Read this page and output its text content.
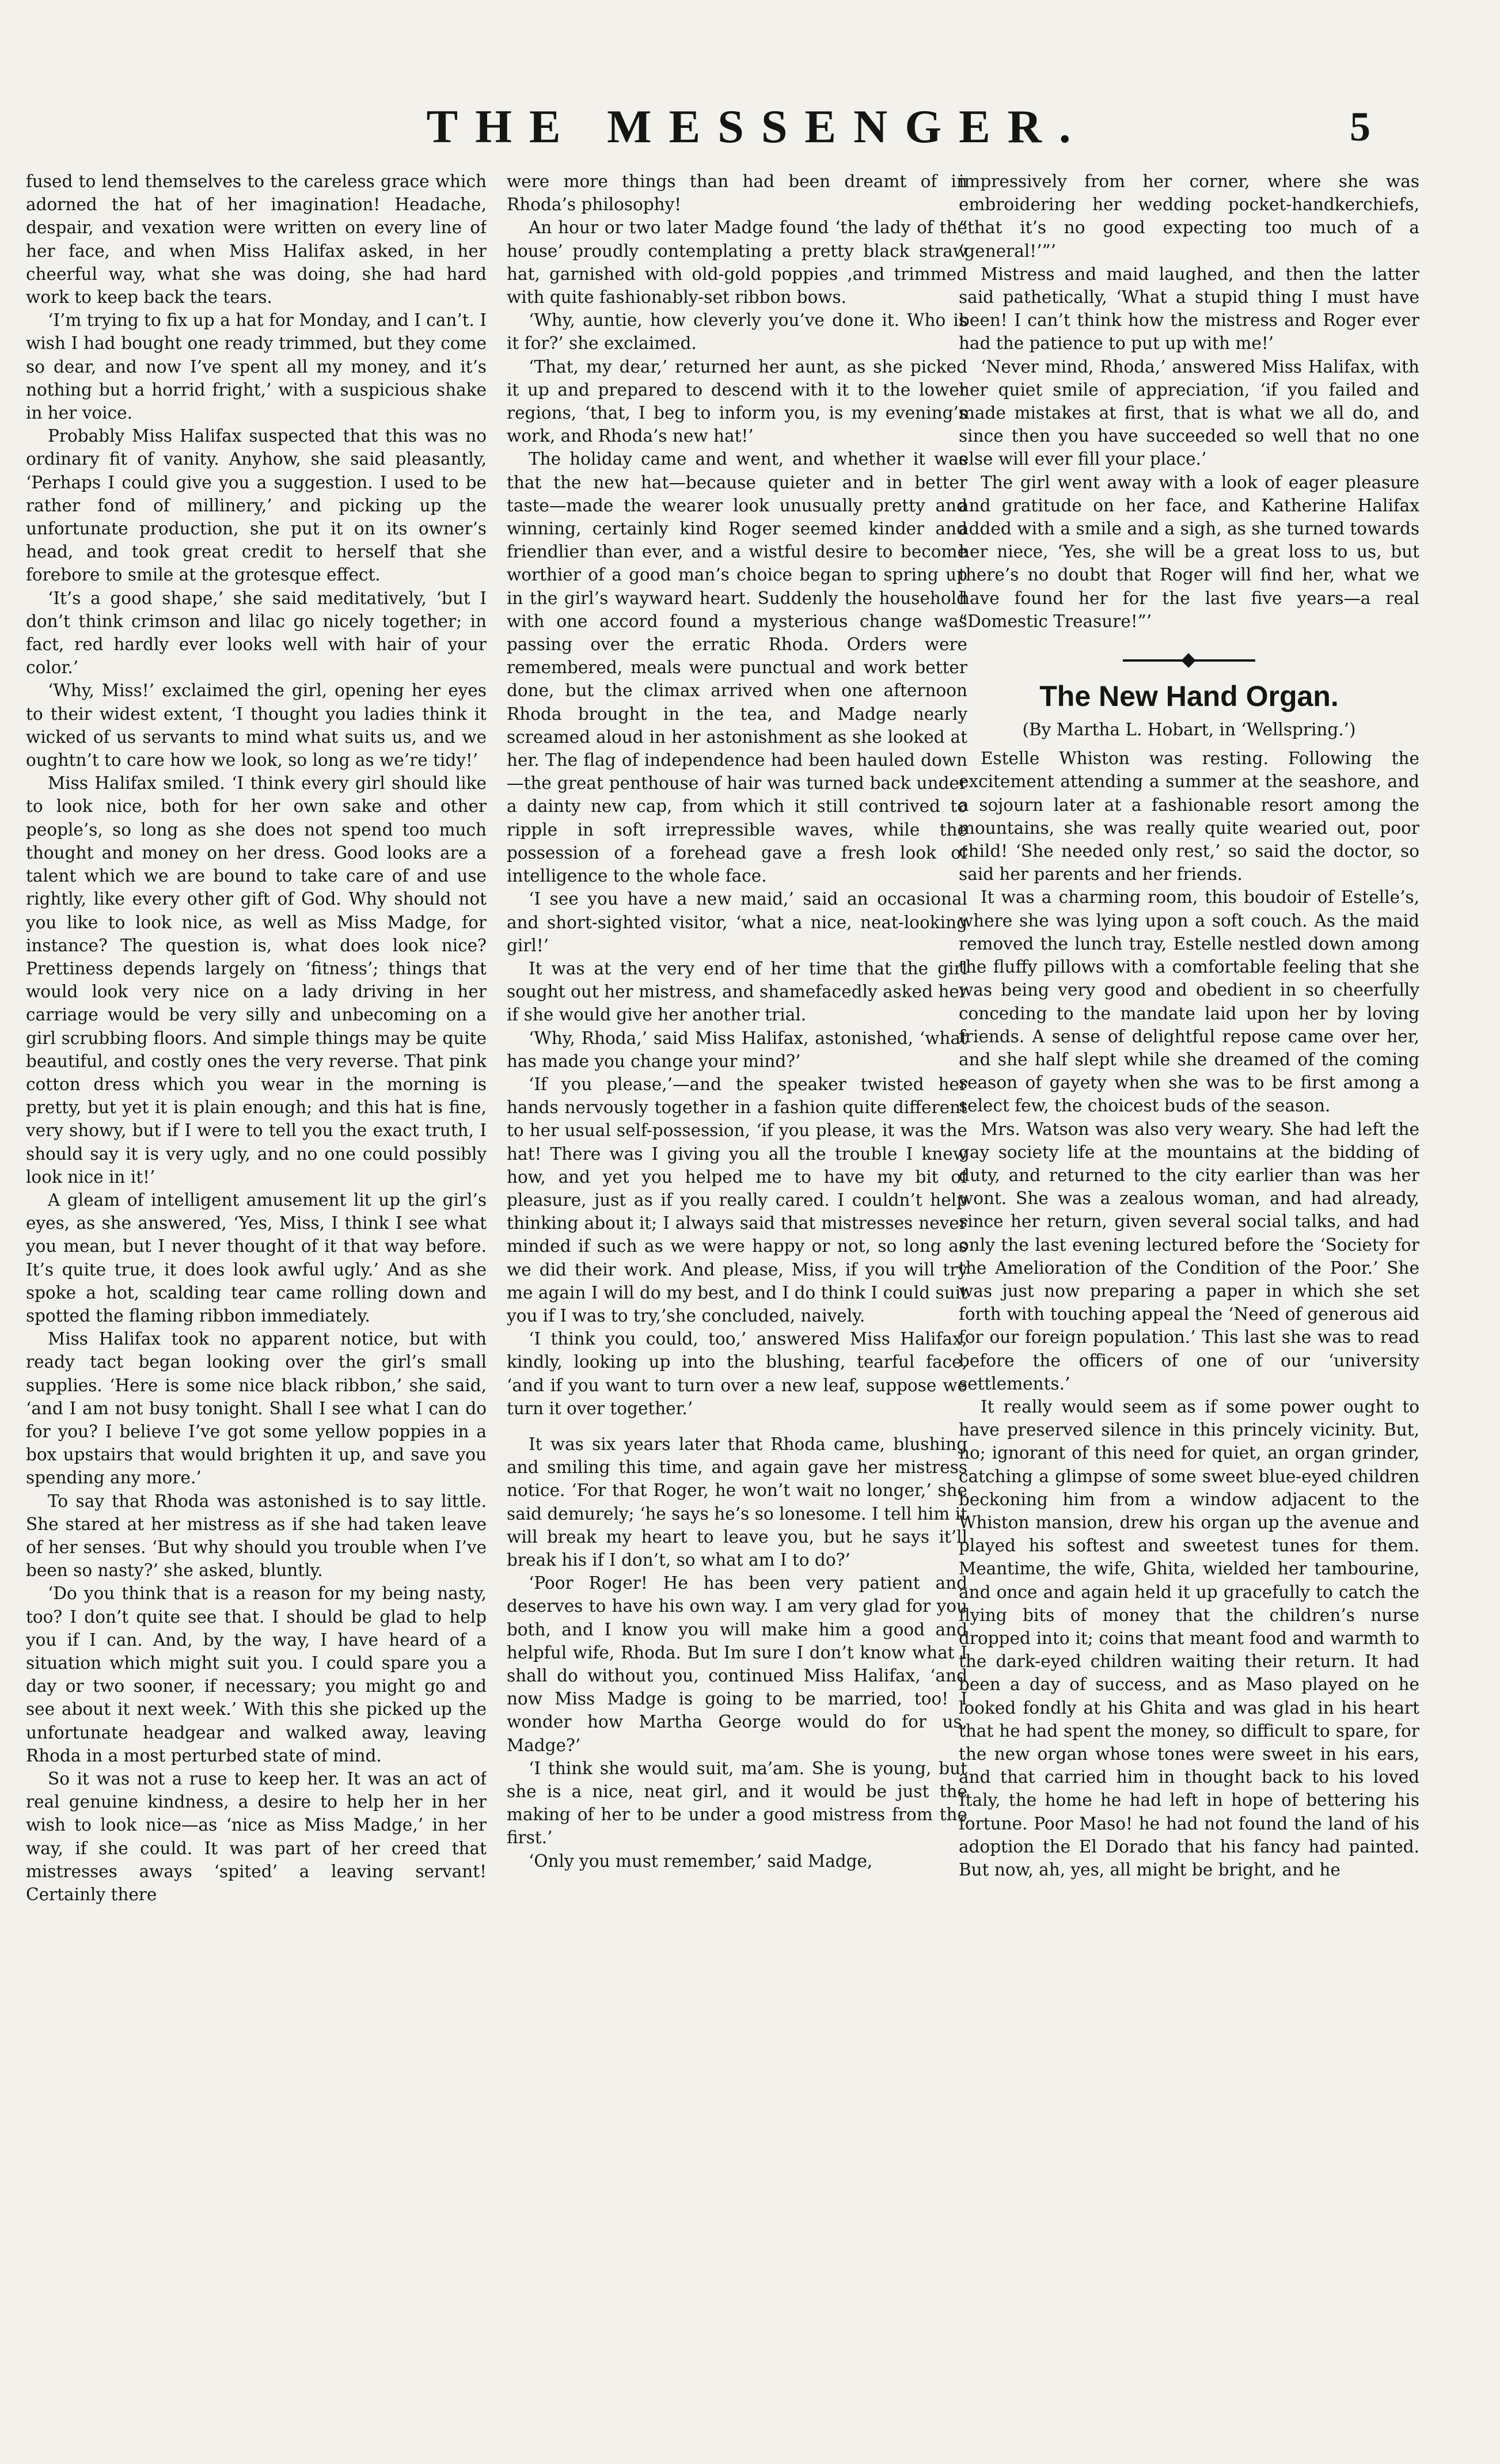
THE MESSENGER.	5

fused to lend themselves to the careless grace which adorned the hat of her imagination! Headache, despair, and vexation were written on every line of her face, and when Miss Halifax asked, in her cheerful way, what she was doing, she had hard work to keep back the tears.

‘I’m trying to fix up a hat for Monday, and I can’t. I wish I had bought one ready trimmed, but they come so dear, and now I’ve spent all my money, and it’s nothing but a horrid fright,’ with a suspicious shake in her voice.

Probably Miss Halifax suspected that this was no ordinary fit of vanity. Anyhow, she said pleasantly, ‘Perhaps I could give you a suggestion. I used to be rather fond of millinery,’ and picking up the unfortunate production, she put it on its owner’s head, and took great credit to herself that she forebore to smile at the grotesque effect.

‘It’s a good shape,’ she said meditatively, ‘but I don’t think crimson and lilac go nicely together; in fact, red hardly ever looks well with hair of your color.’

‘Why, Miss!’ exclaimed the girl, opening her eyes to their widest extent, ‘I thought you ladies think it wicked of us servants to mind what suits us, and we oughtn’t to care how we look, so long as we’re tidy!’

Miss Halifax smiled. ‘I think every girl should like to look nice, both for her own sake and other people’s, so long as she does not spend too much thought and money on her dress. Good looks are a talent which we are bound to take care of and use rightly, like every other gift of God. Why should not you like to look nice, as well as Miss Madge, for instance? The question is, what does look nice? Prettiness depends largely on ‘fitness’; things that would look very nice on a lady driving in her carriage would be very silly and unbecoming on a girl scrubbing floors. And simple things may be quite beautiful, and costly ones the very reverse. That pink cotton dress which you wear in the morning is pretty, but yet it is plain enough; and this hat is fine, very showy, but if I were to tell you the exact truth, I should say it is very ugly, and no one could possibly look nice in it!’

A gleam of intelligent amusement lit up the girl’s eyes, as she answered, ‘Yes, Miss, I think I see what you mean, but I never thought of it that way before. It’s quite true, it does look awful ugly.’ And as she spoke a hot, scalding tear came rolling down and spotted the flaming ribbon immediately.

Miss Halifax took no apparent notice, but with ready tact began looking over the girl’s small supplies. ‘Here is some nice black ribbon,’ she said, ‘and I am not busy tonight. Shall I see what I can do for you? I believe I’ve got some yellow poppies in a box upstairs that would brighten it up, and save you spending any more.’

To say that Rhoda was astonished is to say little. She stared at her mistress as if she had taken leave of her senses. ‘But why should you trouble when I’ve been so nasty?’ she asked, bluntly.

‘Do you think that is a reason for my being nasty, too? I don’t quite see that. I should be glad to help you if I can. And, by the way, I have heard of a situation which might suit you. I could spare you a day or two sooner, if necessary; you might go and see about it next week.’ With this she picked up the unfortunate headgear and walked away, leaving Rhoda in a most perturbed state of mind.

So it was not a ruse to keep her. It was an act of real genuine kindness, a desire to help her in her wish to look nice—as ‘nice as Miss Madge,’ in her way, if she could. It was part of her creed that mistresses aways ‘spited’ a leaving servant! Certainly there

were more things than had been dreamt of in Rhoda’s philosophy!

An hour or two later Madge found ‘the lady of the house’ proudly contemplating a pretty black straw hat, garnished with old-gold poppies ,and trimmed with quite fashionably-set ribbon bows.

‘Why, auntie, how cleverly you’ve done it. Who is it for?’ she exclaimed.

‘That, my dear,’ returned her aunt, as she picked it up and prepared to descend with it to the lower regions, ‘that, I beg to inform you, is my evening’s work, and Rhoda’s new hat!’

The holiday came and went, and whether it was that the new hat—because quieter and in better taste—made the wearer look unusually pretty and winning, certainly kind Roger seemed kinder and friendlier than ever, and a wistful desire to become worthier of a good man’s choice began to spring up in the girl’s wayward heart. Suddenly the household with one accord found a mysterious change was passing over the erratic Rhoda. Orders were remembered, meals were punctual and work better done, but the climax arrived when one afternoon Rhoda brought in the tea, and Madge nearly screamed aloud in her astonishment as she looked at her. The flag of independence had been hauled down—the great penthouse of hair was turned back under a dainty new cap, from which it still contrived to ripple in soft irrepressible waves, while the possession of a forehead gave a fresh look of intelligence to the whole face.

‘I see you have a new maid,’ said an occasional and short-sighted visitor, ‘what a nice, neat-looking girl!’

It was at the very end of her time that the girl sought out her mistress, and shamefacedly asked her if she would give her another trial.

‘Why, Rhoda,’ said Miss Halifax, astonished, ‘what has made you change your mind?’

‘If you please,’—and the speaker twisted her hands nervously together in a fashion quite different to her usual self-possession, ‘if you please, it was the hat! There was I giving you all the trouble I knew how, and yet you helped me to have my bit of pleasure, just as if you really cared. I couldn’t help thinking about it; I always said that mistresses never minded if such as we were happy or not, so long as we did their work. And please, Miss, if you will try me again I will do my best, and I do think I could suit you if I was to try,’she concluded, naively.

‘I think you could, too,’ answered Miss Halifax, kindly, looking up into the blushing, tearful face, ‘and if you want to turn over a new leaf, suppose we turn it over together.’

It was six years later that Rhoda came, blushing and smiling this time, and again gave her mistress notice. ‘For that Roger, he won’t wait no longer,’ she said demurely; ‘he says he’s so lonesome. I tell him it will break my heart to leave you, but he says it’ll break his if I don’t, so what am I to do?’

‘Poor Roger! He has been very patient and deserves to have his own way. I am very glad for you both, and I know you will make him a good and helpful wife, Rhoda. But Im sure I don’t know what I shall do without you, continued Miss Halifax, ‘and now Miss Madge is going to be married, too! I wonder how Martha George would do for us, Madge?’

‘I think she would suit, ma’am. She is young, but she is a nice, neat girl, and it would be just the making of her to be under a good mistress from the first.’

‘Only you must remember,’ said Madge,

impressively from her corner, where she was embroidering her wedding pocket-handkerchiefs, “that it’s no good expecting too much of a ‘general!’”’

Mistress and maid laughed, and then the latter said pathetically, ‘What a stupid thing I must have been! I can’t think how the mistress and Roger ever had the patience to put up with me!’

‘Never mind, Rhoda,’ answered Miss Halifax, with her quiet smile of appreciation, ‘if you failed and made mistakes at first, that is what we all do, and since then you have succeeded so well that no one else will ever fill your place.’

The girl went away with a look of eager pleasure and gratitude on her face, and Katherine Halifax added with a smile and a sigh, as she turned towards her niece, ‘Yes, she will be a great loss to us, but there’s no doubt that Roger will find her, what we have found her for the last five years—a real “Domestic Treasure!”’

The New Hand Organ.

(By Martha L. Hobart, in ‘Wellspring.’)

Estelle Whiston was resting. Following the excitement attending a summer at the seashore, and a sojourn later at a fashionable resort among the mountains, she was really quite wearied out, poor child! ‘She needed only rest,’ so said the doctor, so said her parents and her friends.

It was a charming room, this boudoir of Estelle’s, where she was lying upon a soft couch. As the maid removed the lunch tray, Estelle nestled down among the fluffy pillows with a comfortable feeling that she was being very good and obedient in so cheerfully conceding to the mandate laid upon her by loving friends. A sense of delightful repose came over her, and she half slept while she dreamed of the coming season of gayety when she was to be first among a select few, the choicest buds of the season.

Mrs. Watson was also very weary. She had left the gay society life at the mountains at the bidding of duty, and returned to the city earlier than was her wont. She was a zealous woman, and had already, since her return, given several social talks, and had only the last evening lectured before the ‘Society for the Amelioration of the Condition of the Poor.’ She was just now preparing a paper in which she set forth with touching appeal the ‘Need of generous aid for our foreign population.’ This last she was to read before the officers of one of our ‘university settlements.’

It really would seem as if some power ought to have preserved silence in this princely vicinity. But, no; ignorant of this need for quiet, an organ grinder, catching a glimpse of some sweet blue-eyed children beckoning him from a window adjacent to the Whiston mansion, drew his organ up the avenue and played his softest and sweetest tunes for them. Meantime, the wife, Ghita, wielded her tambourine, and once and again held it up gracefully to catch the flying bits of money that the children’s nurse dropped into it; coins that meant food and warmth to the dark-eyed children waiting their return. It had been a day of success, and as Maso played on he looked fondly at his Ghita and was glad in his heart that he had spent the money, so difficult to spare, for the new organ whose tones were sweet in his ears, and that carried him in thought back to his loved Italy, the home he had left in hope of bettering his fortune. Poor Maso! he had not found the land of his adoption the El Dorado that his fancy had painted. But now, ah, yes, all might be bright, and he
